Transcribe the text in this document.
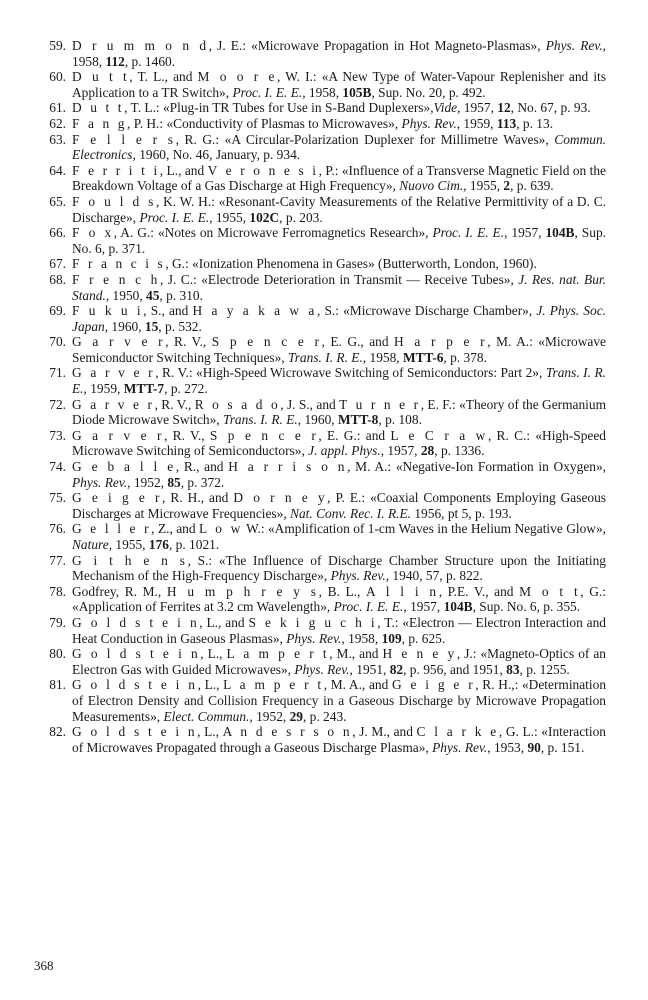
59. D r u m m o n d, J. E.: «Microwave Propagation in Hot Magneto-Plasmas», Phys. Rev., 1958, 112, p. 1460.

60. D u t t, T. L., and M o o r e, W. I.: «A New Type of Water-Vapour Replenisher and its Application to a TR Switch», Proc. I. E. E., 1958, 105B, Sup. No. 20, p. 492.

61. D u t t, T. L.: «Plug-in TR Tubes for Use in S-Band Duplexers»,Vide, 1957, 12, No. 67, p. 93.

62. F a n g, P. H.: «Conductivity of Plasmas to Microwaves», Phys. Rev., 1959, 113, p. 13.

63. F e l l e r s, R. G.: «A Circular-Polarization Duplexer for Millimetre Waves», Commun. Electronics, 1960, No. 46, January, p. 934.

64. F e r r i t i, L., and V e r o n e s i, P.: «Influence of a Transverse Magnetic Field on the Breakdown Voltage of a Gas Discharge at High Frequency», Nuovo Cim., 1955, 2, p. 639.

65. F o u l d s, K. W. H.: «Resonant-Cavity Measurements of the Relative Permittivity of a D. C. Discharge», Proc. I. E. E., 1955, 102C, p. 203.

66. F o x, A. G.: «Notes on Microwave Ferromagnetics Research», Proc. I. E. E., 1957, 104B, Sup. No. 6, p. 371.

67. F r a n c i s, G.: «Ionization Phenomena in Gases» (Butterworth, London, 1960).

68. F r e n c h, J. C.: «Electrode Deterioration in Transmit — Receive Tubes», J. Res. nat. Bur. Stand., 1950, 45, p. 310.

69. F u k u i, S., and H a y a k a w a, S.: «Microwave Discharge Chamber», J. Phys. Soc. Japan, 1960, 15, p. 532.

70. G a r v e r, R. V., S p e n c e r, E. G., and H a r p e r, M. A.: «Microwave Semiconductor Switching Techniques», Trans. I. R. E., 1958, MTT-6, p. 378.

71. G a r v e r, R. V.: «High-Speed Wicrowave Switching of Semiconductors: Part 2», Trans. I. R. E., 1959, MTT-7, p. 272.

72. G a r v e r, R. V., R o s a d o, J. S., and T u r n e r, E. F.: «Theory of the Germanium Diode Microwave Switch», Trans. I. R. E., 1960, MTT-8, p. 108.

73. G a r v e r, R. V., S p e n c e r, E. G.: and L e C r a w, R. C.: «High-Speed Microwave Switching of Semiconductors», J. appl. Phys., 1957, 28, p. 1336.

74. G e b a l l e, R., and H a r r i s o n, M. A.: «Negative-Ion Formation in Oxygen», Phys. Rev., 1952, 85, p. 372.

75. G e i g e r, R. H., and D o r n e y, P. E.: «Coaxial Components Employing Gaseous Discharges at Microwave Frequencies», Nat. Conv. Rec. I. R.E. 1956, pt 5, p. 193.

76. G e l l e r, Z., and L o w W.: «Amplification of 1-cm Waves in the Helium Negative Glow», Nature, 1955, 176, p. 1021.

77. G i t h e n s, S.: «The Influence of Discharge Chamber Structure upon the Initiating Mechanism of the High-Frequency Discharge», Phys. Rev., 1940, 57, p. 822.

78. Godfrey, R. M., H u m p h r e y s, B. L., A l l i n, P.E. V., and M o t t, G.: «Application of Ferrites at 3.2 cm Wavelength», Proc. I. E. E., 1957, 104B, Sup. No. 6, p. 355.

79. G o l d s t e i n, L., and S e k i g u c h i, T.: «Electron — Electron Interaction and Heat Conduction in Gaseous Plasmas», Phys. Rev., 1958, 109, p. 625.

80. G o l d s t e i n, L., L a m p e r t, M., and H e n e y, J.: «Magneto-Optics of an Electron Gas with Guided Microwaves», Phys. Rev., 1951, 82, p. 956, and 1951, 83, p. 1255.

81. G o l d s t e i n, L., L a m p e r t, M. A., and G e i g e r, R. H.,: «Determination of Electron Density and Collision Frequency in a Gaseous Discharge by Microwave Propagation Measurements», Elect. Commun., 1952, 29, p. 243.

82. G o l d s t e i n, L., A n d e s r s o n, J. M., and C l a r k e, G. L.: «Interaction of Microwaves Propagated through a Gaseous Discharge Plasma», Phys. Rev., 1953, 90, p. 151.

368
